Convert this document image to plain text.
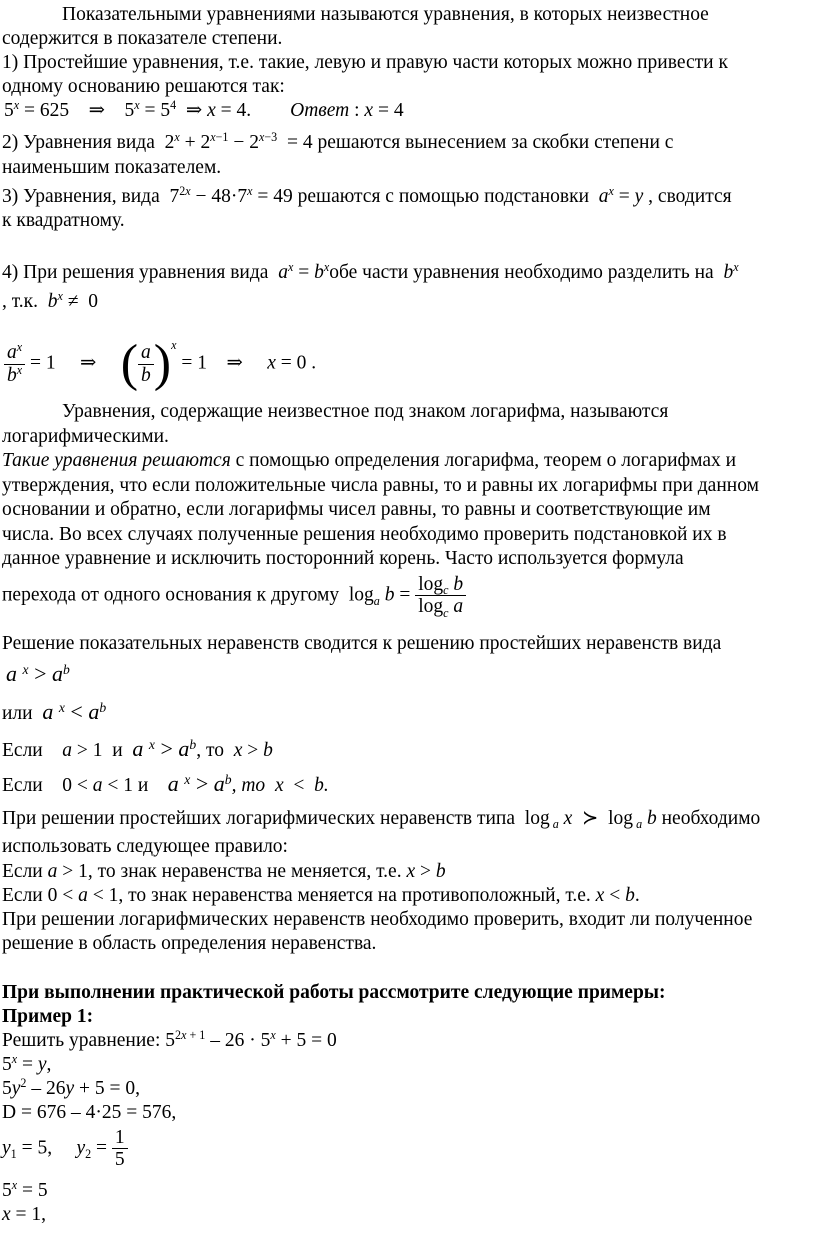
Показательными уравнениями называются уравнения, в которых неизвестное
содержится в показателе степени.
1) Простейшие уравнения, т.е. такие, левую и правую части которых можно привести к
одному основанию решаются так:
$5^x = 625$    ⇒    $5^x = 5^4$  ⇒ x = 4.        Ответ : x = 4
2) Уравнения вида  $2^x + 2^{x-1} - 2^{x-3} = 4$ решаются вынесением за скобки степени с
наименьшим показателем.
3) Уравнения, вида  $7^{2x} - 48\cdot 7^x = 49$ решаются с помощью подстановки $a^x = y$ , сводится
к квадратному.
4) При решения уравнения вида $a^x = b^xобе$ части уравнения необходимо разделить на $b^x$
, т.к. $b^x \ne 0$
$\frac{a^x}{b^x} = 1$     ⇒     ( $\frac{a}{b} )^x = 1$    ⇒     x = 0 .
Уравнения, содержащие неизвестное под знаком логарифма, называются
логарифмическими.
Такие уравнения решаются с помощью определения логарифма, теорем о логарифмах и
утверждения, что если положительные числа равны, то и равны их логарифмы при данном
основании и обратно, если логарифмы чисел равны, то равны и соответствующие им
числа. Во всех случаях полученные решения необходимо проверить подстановкой их в
данное уравнение и исключить посторонний корень. Часто используется формула
перехода от одного основания к другому  $\log_a b = \frac{\log_c b}{\log_c a}$
Решение показательных неравенств сводится к решению простейших неравенств вида
a $^x > a^b$
или a $^x < a^b$
Если a > 1  и a $^x > a^b$, то x > b
Если    0 < a < 1 и a $^x > a^b$, то x  <  b.
При решении простейших логарифмических неравенств типа  log $_a$ x  ≻  log $_a$ b необходимо
использовать следующее правило:
Если a > 1, то знак неравенства не меняется, т.е. x > b
Если 0 < a < 1, то знак неравенства меняется на противоположный, т.е. x < b.
При решении логарифмических неравенств необходимо проверить, входит ли полученное
решение в область определения неравенства.
При выполнении практической работы рассмотрите следующие примеры:
Пример 1:
Решить уравнение: $5^{2x + 1} - 26 \cdot 5^x + 5 = 0$
$5^x = y$,
$5y^2 - 26y + 5 = 0$,
D = 676 – 4·25 = 576,
$y_1 = 5$,     $y_2 = \frac{1}{5}$
$5^x = 5$
x = 1,
